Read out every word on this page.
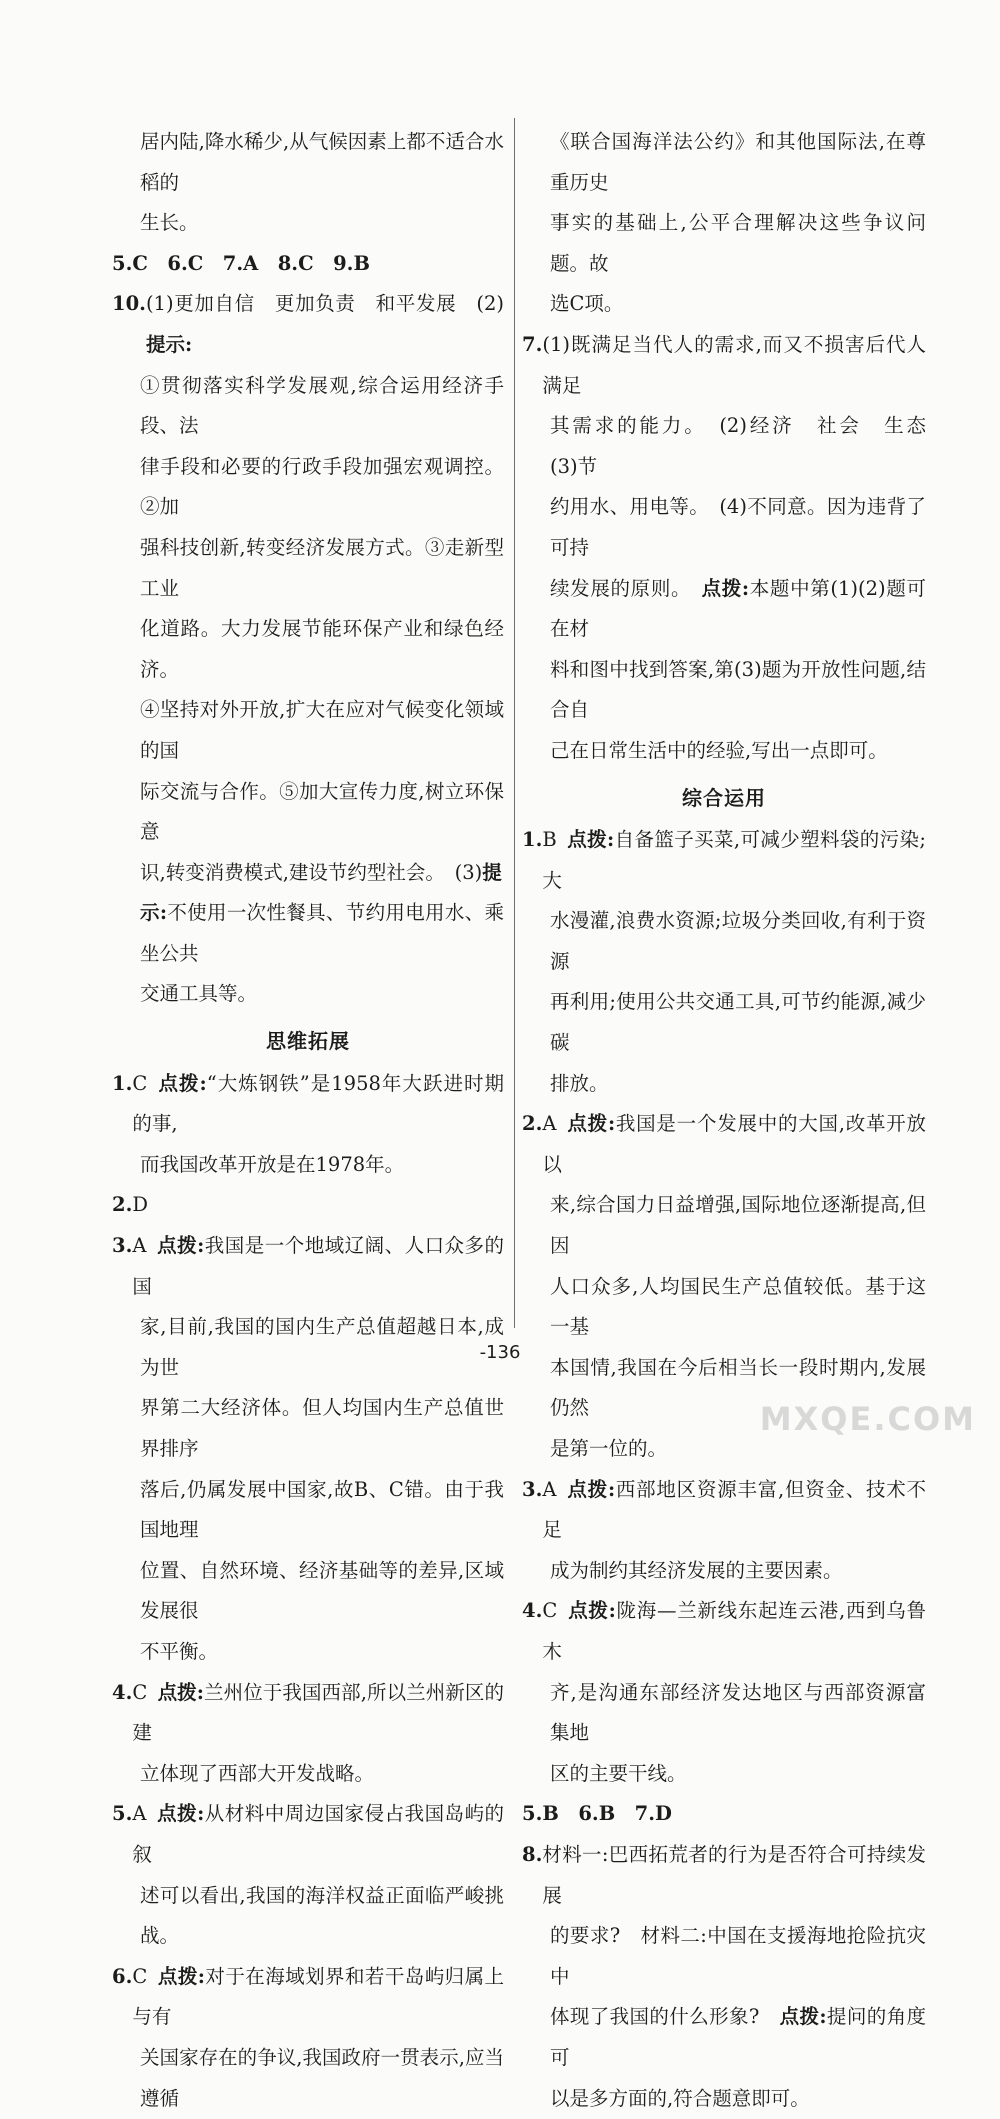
居内陆,降水稀少,从气候因素上都不适合水稻的
生长。
5.C　6.C　7.A　8.C　9.B
10. (1)更加自信　更加负责　和平发展　(2)提示:
①贯彻落实科学发展观,综合运用经济手段、法
律手段和必要的行政手段加强宏观调控。②加
强科技创新,转变经济发展方式。③走新型工业
化道路。大力发展节能环保产业和绿色经济。
④坚持对外开放,扩大在应对气候变化领域的国
际交流与合作。⑤加大宣传力度,树立环保意
识,转变消费模式,建设节约型社会。　(3)提
示:不使用一次性餐具、节约用电用水、乘坐公共
交通工具等。
思维拓展
1. C 点拨:“大炼钢铁”是1958年大跃进时期的事,
而我国改革开放是在1978年。
2. D
3. A 点拨:我国是一个地域辽阔、人口众多的国
家,目前,我国的国内生产总值超越日本,成为世
界第二大经济体。但人均国内生产总值世界排序
落后,仍属发展中国家,故B、C错。由于我国地理
位置、自然环境、经济基础等的差异,区域发展很
不平衡。
4. C 点拨:兰州位于我国西部,所以兰州新区的建
立体现了西部大开发战略。
5. A 点拨:从材料中周边国家侵占我国岛屿的叙
述可以看出,我国的海洋权益正面临严峻挑战。
6. C 点拨:对于在海域划界和若干岛屿归属上与有
关国家存在的争议,我国政府一贯表示,应当遵循
《联合国海洋法公约》和其他国际法,在尊重历史
事实的基础上,公平合理解决这些争议问题。故
选C项。
7. (1)既满足当代人的需求,而又不损害后代人满足
其需求的能力。　(2)经济　社会　生态　(3)节
约用水、用电等。　(4)不同意。因为违背了可持
续发展的原则。　点拨:本题中第(1)(2)题可在材
料和图中找到答案,第(3)题为开放性问题,结合自
己在日常生活中的经验,写出一点即可。
综合运用
1. B 点拨:自备篮子买菜,可减少塑料袋的污染;大
水漫灌,浪费水资源;垃圾分类回收,有利于资源
再利用;使用公共交通工具,可节约能源,减少碳
排放。
2. A 点拨:我国是一个发展中的大国,改革开放以
来,综合国力日益增强,国际地位逐渐提高,但因
人口众多,人均国民生产总值较低。基于这一基
本国情,我国在今后相当长一段时期内,发展仍然
是第一位的。
3. A 点拨:西部地区资源丰富,但资金、技术不足
成为制约其经济发展的主要因素。
4. C 点拨:陇海—兰新线东起连云港,西到乌鲁木
齐,是沟通东部经济发达地区与西部资源富集地
区的主要干线。
5.B　6.B　7.D
8. 材料一:巴西拓荒者的行为是否符合可持续发展
的要求?　材料二:中国在支援海地抢险抗灾中
体现了我国的什么形象?　点拨:提问的角度可
以是多方面的,符合题意即可。
-136
MXQE.COM
